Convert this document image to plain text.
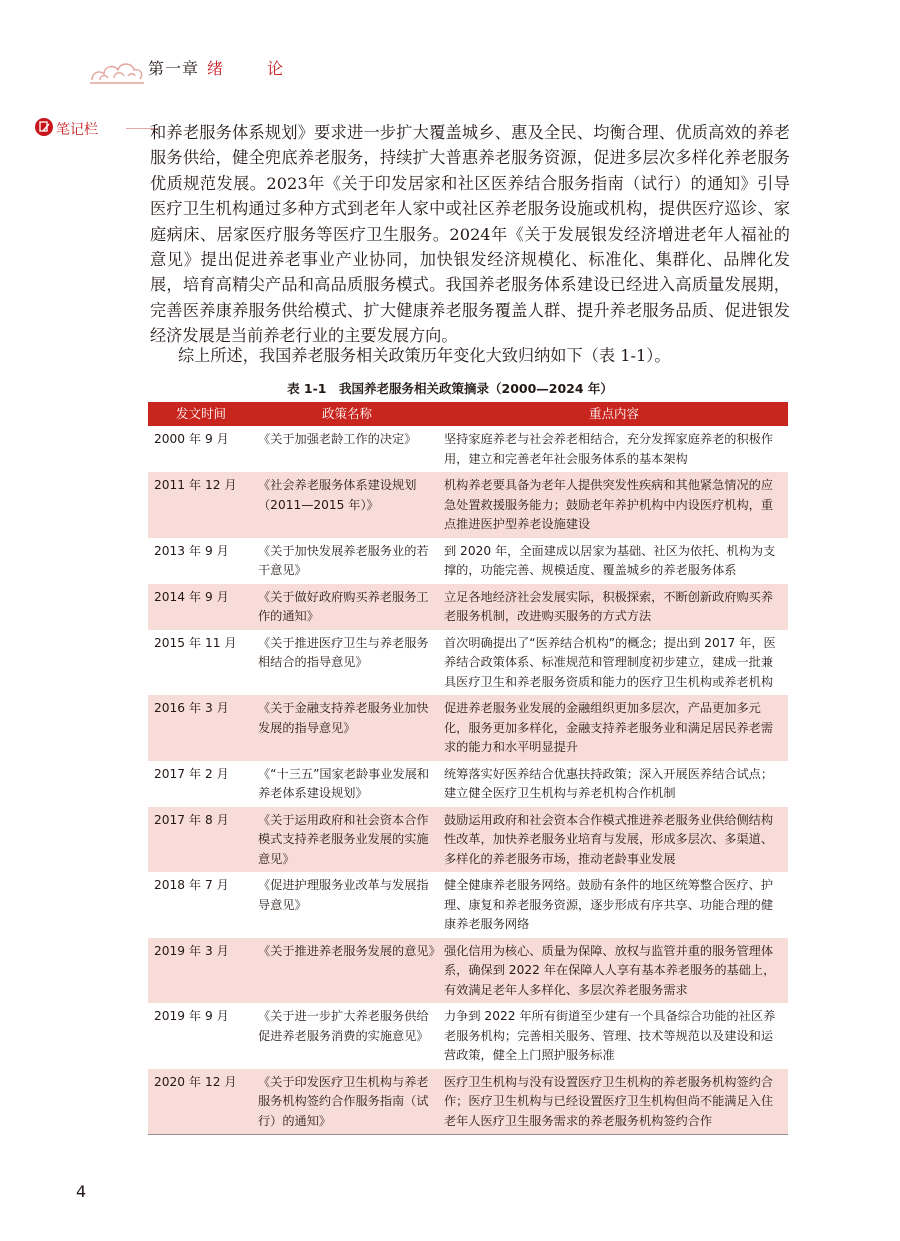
第一章 绪　论
笔记栏	和养老服务体系规划》要求进一步扩大覆盖城乡、惠及全民、均衡合理、优质高效的养老服务供给，健全兜底养老服务，持续扩大普惠养老服务资源，促进多层次多样化养老服务优质规范发展。2023年《关于印发居家和社区医养结合服务指南（试行）的通知》引导医疗卫生机构通过多种方式到老年人家中或社区养老服务设施或机构，提供医疗巡诊、家庭病床、居家医疗服务等医疗卫生服务。2024年《关于发展银发经济增进老年人福祉的意见》提出促进养老事业产业协同，加快银发经济规模化、标准化、集群化、品牌化发展，培育高精尖产品和高品质服务模式。我国养老服务体系建设已经进入高质量发展期，完善医养康养服务供给模式、扩大健康养老服务覆盖人群、提升养老服务品质、促进银发经济发展是当前养老行业的主要发展方向。

综上所述，我国养老服务相关政策历年变化大致归纳如下（表 1-1）。
表 1-1　我国养老服务相关政策摘录（2000—2024 年）
发文时间	政策名称	重点内容
2000 年 9 月	《关于加强老龄工作的决定》	坚持家庭养老与社会养老相结合，充分发挥家庭养老的积极作用，建立和完善老年社会服务体系的基本架构
2011 年 12 月	《社会养老服务体系建设规划（2011—2015 年）》	机构养老要具备为老年人提供突发性疾病和其他紧急情况的应急处置救援服务能力；鼓励老年养护机构中内设医疗机构，重点推进医护型养老设施建设
2013 年 9 月	《关于加快发展养老服务业的若干意见》	到 2020 年，全面建成以居家为基础、社区为依托、机构为支撑的，功能完善、规模适度、覆盖城乡的养老服务体系
2014 年 9 月	《关于做好政府购买养老服务工作的通知》	立足各地经济社会发展实际，积极探索，不断创新政府购买养老服务机制，改进购买服务的方式方法
2015 年 11 月	《关于推进医疗卫生与养老服务相结合的指导意见》	首次明确提出了“医养结合机构”的概念；提出到 2017 年，医养结合政策体系、标准规范和管理制度初步建立，建成一批兼具医疗卫生和养老服务资质和能力的医疗卫生机构或养老机构
2016 年 3 月	《关于金融支持养老服务业加快发展的指导意见》	促进养老服务业发展的金融组织更加多层次，产品更加多元化，服务更加多样化，金融支持养老服务业和满足居民养老需求的能力和水平明显提升
2017 年 2 月	《“十三五”国家老龄事业发展和养老体系建设规划》	统筹落实好医养结合优惠扶持政策；深入开展医养结合试点；建立健全医疗卫生机构与养老机构合作机制
2017 年 8 月	《关于运用政府和社会资本合作模式支持养老服务业发展的实施意见》	鼓励运用政府和社会资本合作模式推进养老服务业供给侧结构性改革，加快养老服务业培育与发展，形成多层次、多渠道、多样化的养老服务市场，推动老龄事业发展
2018 年 7 月	《促进护理服务业改革与发展指导意见》	健全健康养老服务网络。鼓励有条件的地区统筹整合医疗、护理、康复和养老服务资源，逐步形成有序共享、功能合理的健康养老服务网络
2019 年 3 月	《关于推进养老服务发展的意见》	强化信用为核心、质量为保障、放权与监管并重的服务管理体系，确保到 2022 年在保障人人享有基本养老服务的基础上，有效满足老年人多样化、多层次养老服务需求
2019 年 9 月	《关于进一步扩大养老服务供给 促进养老服务消费的实施意见》	力争到 2022 年所有街道至少建有一个具备综合功能的社区养老服务机构；完善相关服务、管理、技术等规范以及建设和运营政策，健全上门照护服务标准
2020 年 12 月	《关于印发医疗卫生机构与养老服务机构签约合作服务指南（试行）的通知》	医疗卫生机构与没有设置医疗卫生机构的养老服务机构签约合作；医疗卫生机构与已经设置医疗卫生机构但尚不能满足入住老年人医疗卫生服务需求的养老服务机构签约合作
4
